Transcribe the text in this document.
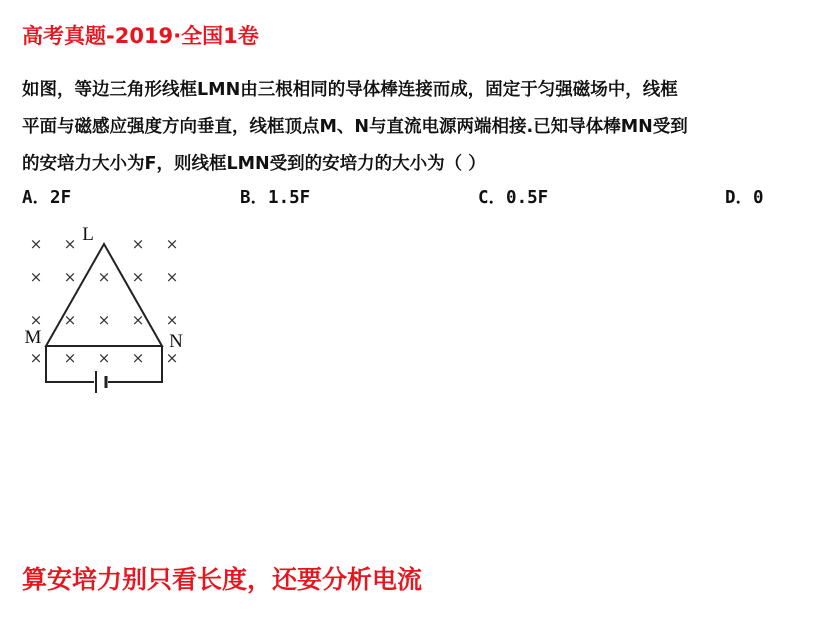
高考真题-2019·全国1卷
如图，等边三角形线框LMN由三根相同的导体棒连接而成，固定于匀强磁场中，线框
平面与磁感应强度方向垂直，线框顶点M、N与直流电源两端相接.已知导体棒MN受到
的安培力大小为F，则线框LMN受到的安培力的大小为（ ）
A．2F	B．1.5F	C．0.5F	D．0
× ×	× ×
× × × × ×
× × × × ×
× × × × ×
L
M	N
算安培力别只看长度，还要分析电流
